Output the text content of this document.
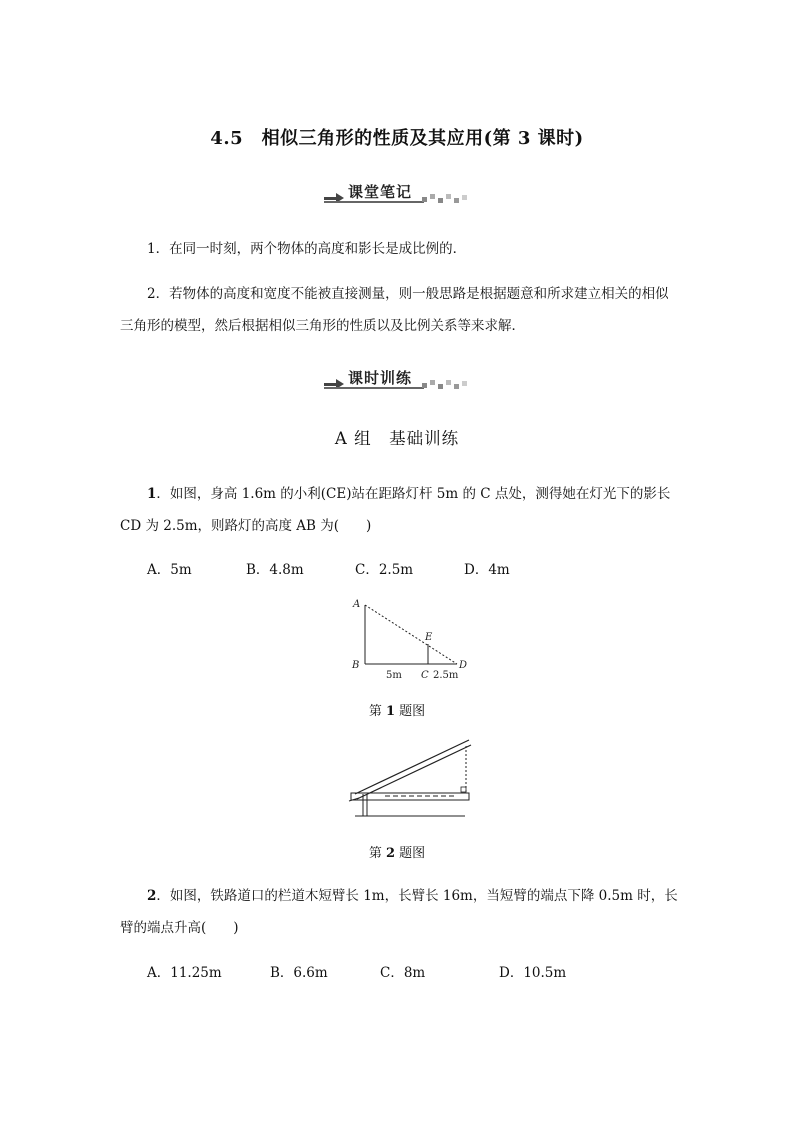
4.5　相似三角形的性质及其应用(第 3 课时)
课堂笔记
1．在同一时刻，两个物体的高度和影长是成比例的．
2．若物体的高度和宽度不能被直接测量，则一般思路是根据题意和所求建立相关的相似三角形的模型，然后根据相似三角形的性质以及比例关系等来求解．
课时训练
A 组　基础训练
1．如图，身高 1.6m 的小利(CE)站在距路灯杆 5m 的 C 点处，测得她在灯光下的影长 CD 为 2.5m，则路灯的高度 AB 为(　　)
A．5m	B．4.8m	C．2.5m	D．4m
A
B
C
D
E
5m	2.5m
第 1 题图
第 2 题图
2．如图，铁路道口的栏道木短臂长 1m，长臂长 16m，当短臂的端点下降 0.5m 时，长臂的端点升高(　　)
A．11.25m	B．6.6m	C．8m	D．10.5m
